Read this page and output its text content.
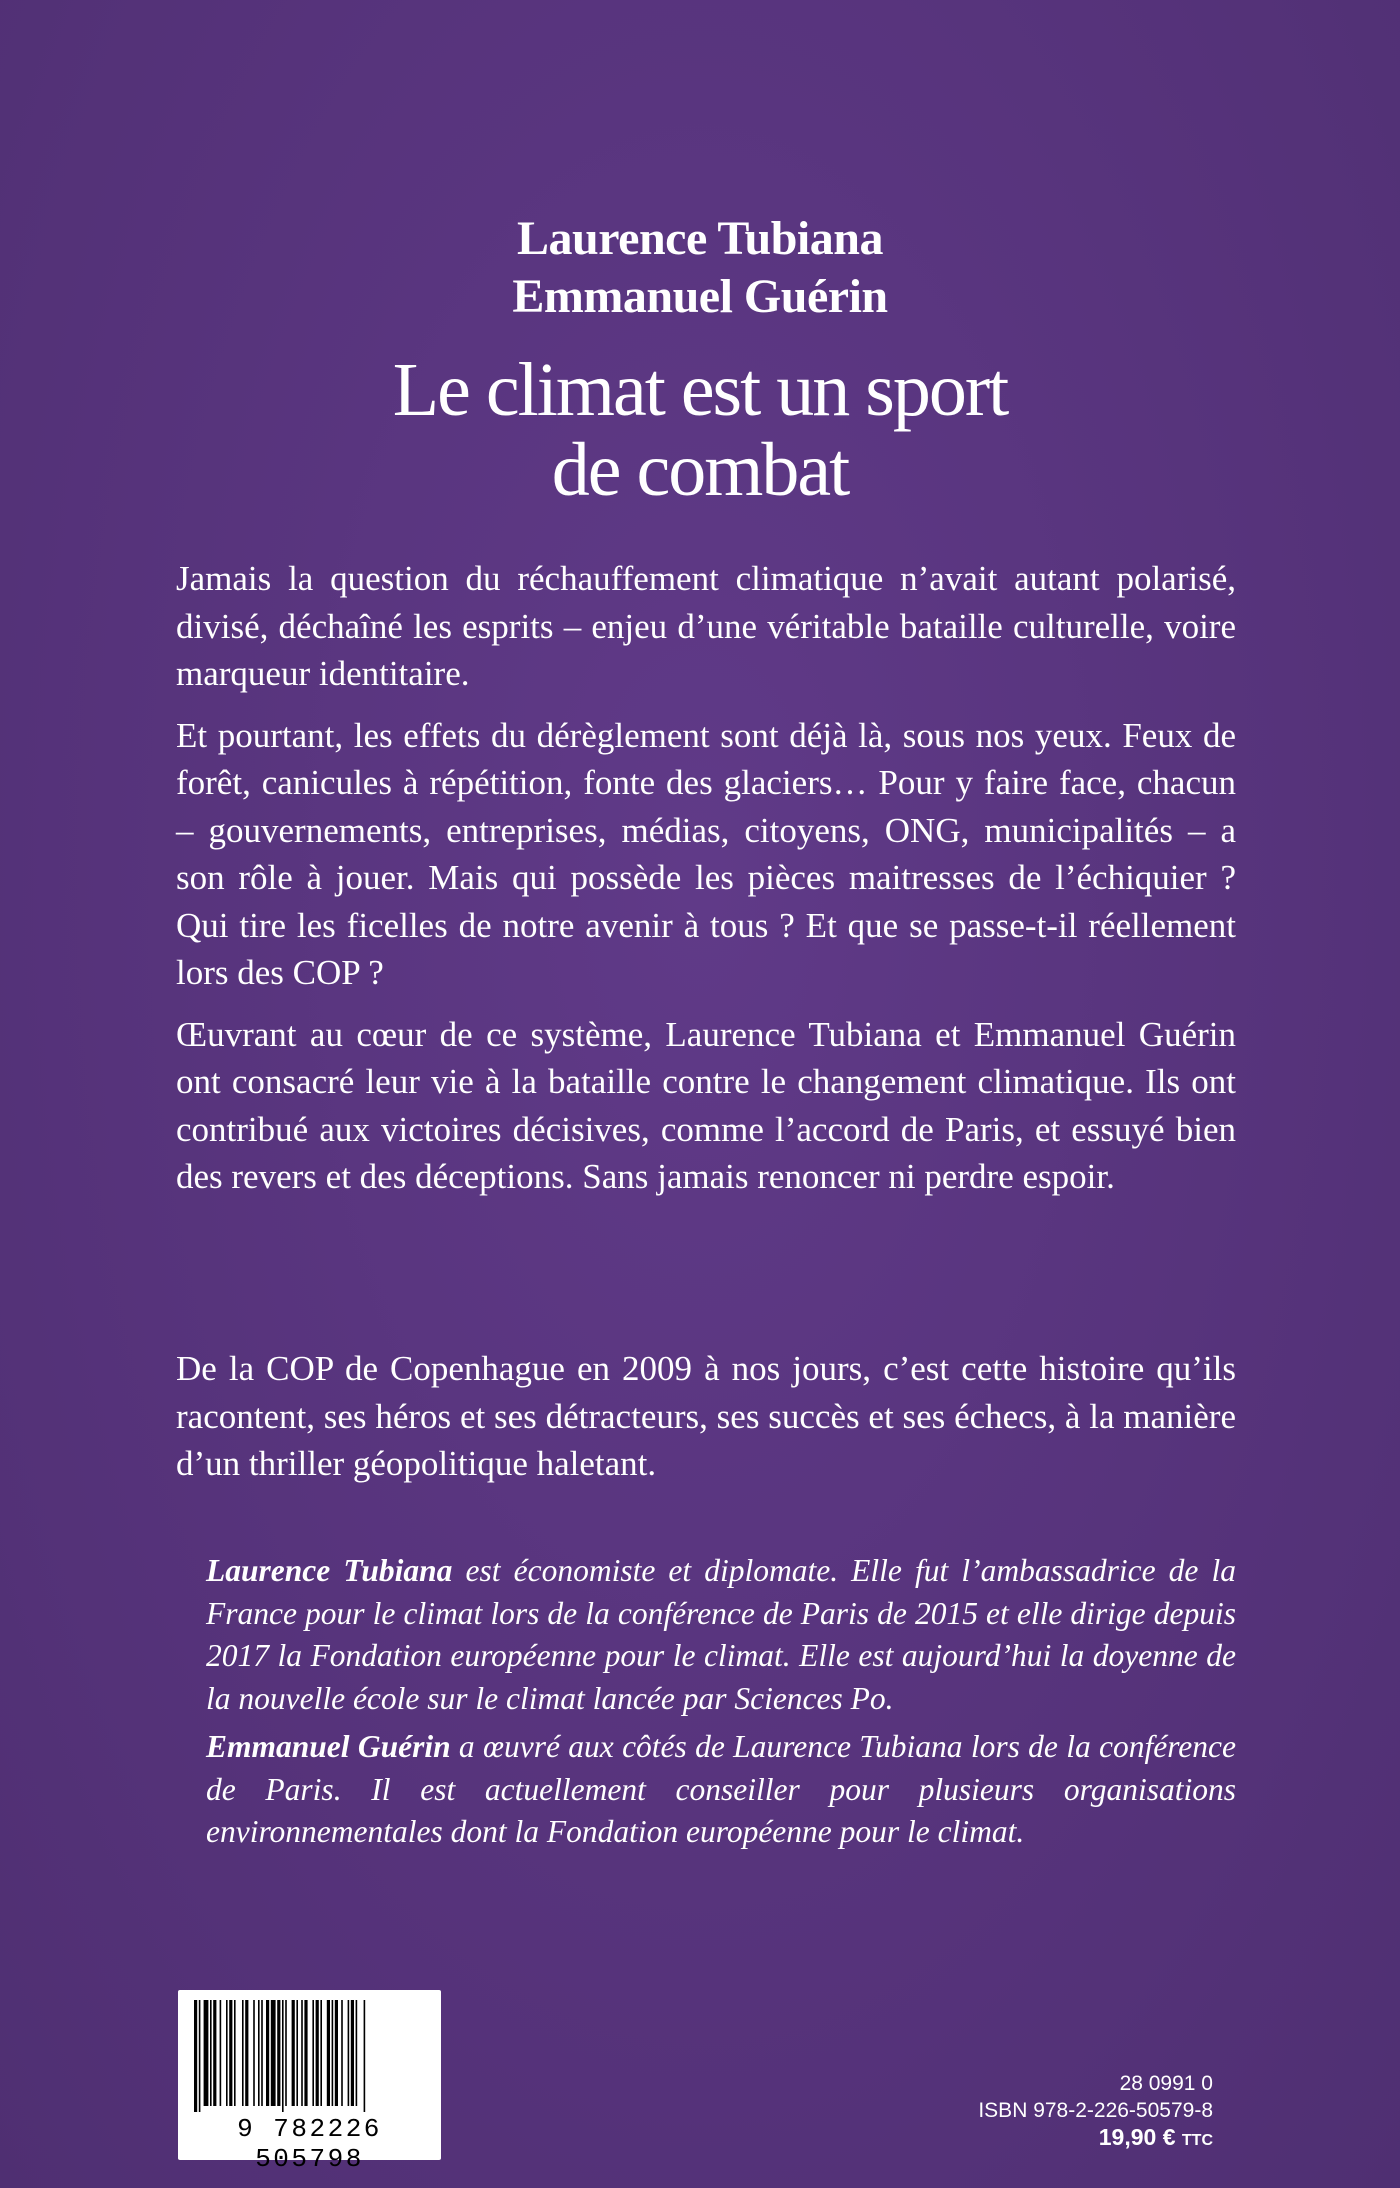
Laurence Tubiana
Emmanuel Guérin
Le climat est un sport
de combat

Jamais la question du réchauffement climatique n’avait autant polarisé, divisé, déchaîné les esprits – enjeu d’une véritable bataille culturelle, voire marqueur identitaire.

Et pourtant, les effets du dérèglement sont déjà là, sous nos yeux. Feux de forêt, canicules à répétition, fonte des glaciers… Pour y faire face, chacun – gouvernements, entreprises, médias, citoyens, ONG, municipalités – a son rôle à jouer. Mais qui possède les pièces maitresses de l’échiquier ? Qui tire les ficelles de notre avenir à tous ? Et que se passe-t-il réellement lors des COP ?

Œuvrant au cœur de ce système, Laurence Tubiana et Emmanuel Guérin ont consacré leur vie à la bataille contre le changement climatique. Ils ont contribué aux victoires décisives, comme l’accord de Paris, et essuyé bien des revers et des déceptions. Sans jamais renoncer ni perdre espoir.

De la COP de Copenhague en 2009 à nos jours, c’est cette histoire qu’ils racontent, ses héros et ses détracteurs, ses succès et ses échecs, à la manière d’un thriller géopolitique haletant.

Laurence Tubiana est économiste et diplomate. Elle fut l’ambassadrice de la France pour le climat lors de la conférence de Paris de 2015 et elle dirige depuis 2017 la Fondation européenne pour le climat. Elle est aujourd’hui la doyenne de la nouvelle école sur le climat lancée par Sciences Po.

Emmanuel Guérin a œuvré aux côtés de Laurence Tubiana lors de la conférence de Paris. Il est actuellement conseiller pour plusieurs organisations environnementales dont la Fondation européenne pour le climat.

9 782226 505798
28 0991 0
ISBN 978-2-226-50579-8
19,90 € TTC
